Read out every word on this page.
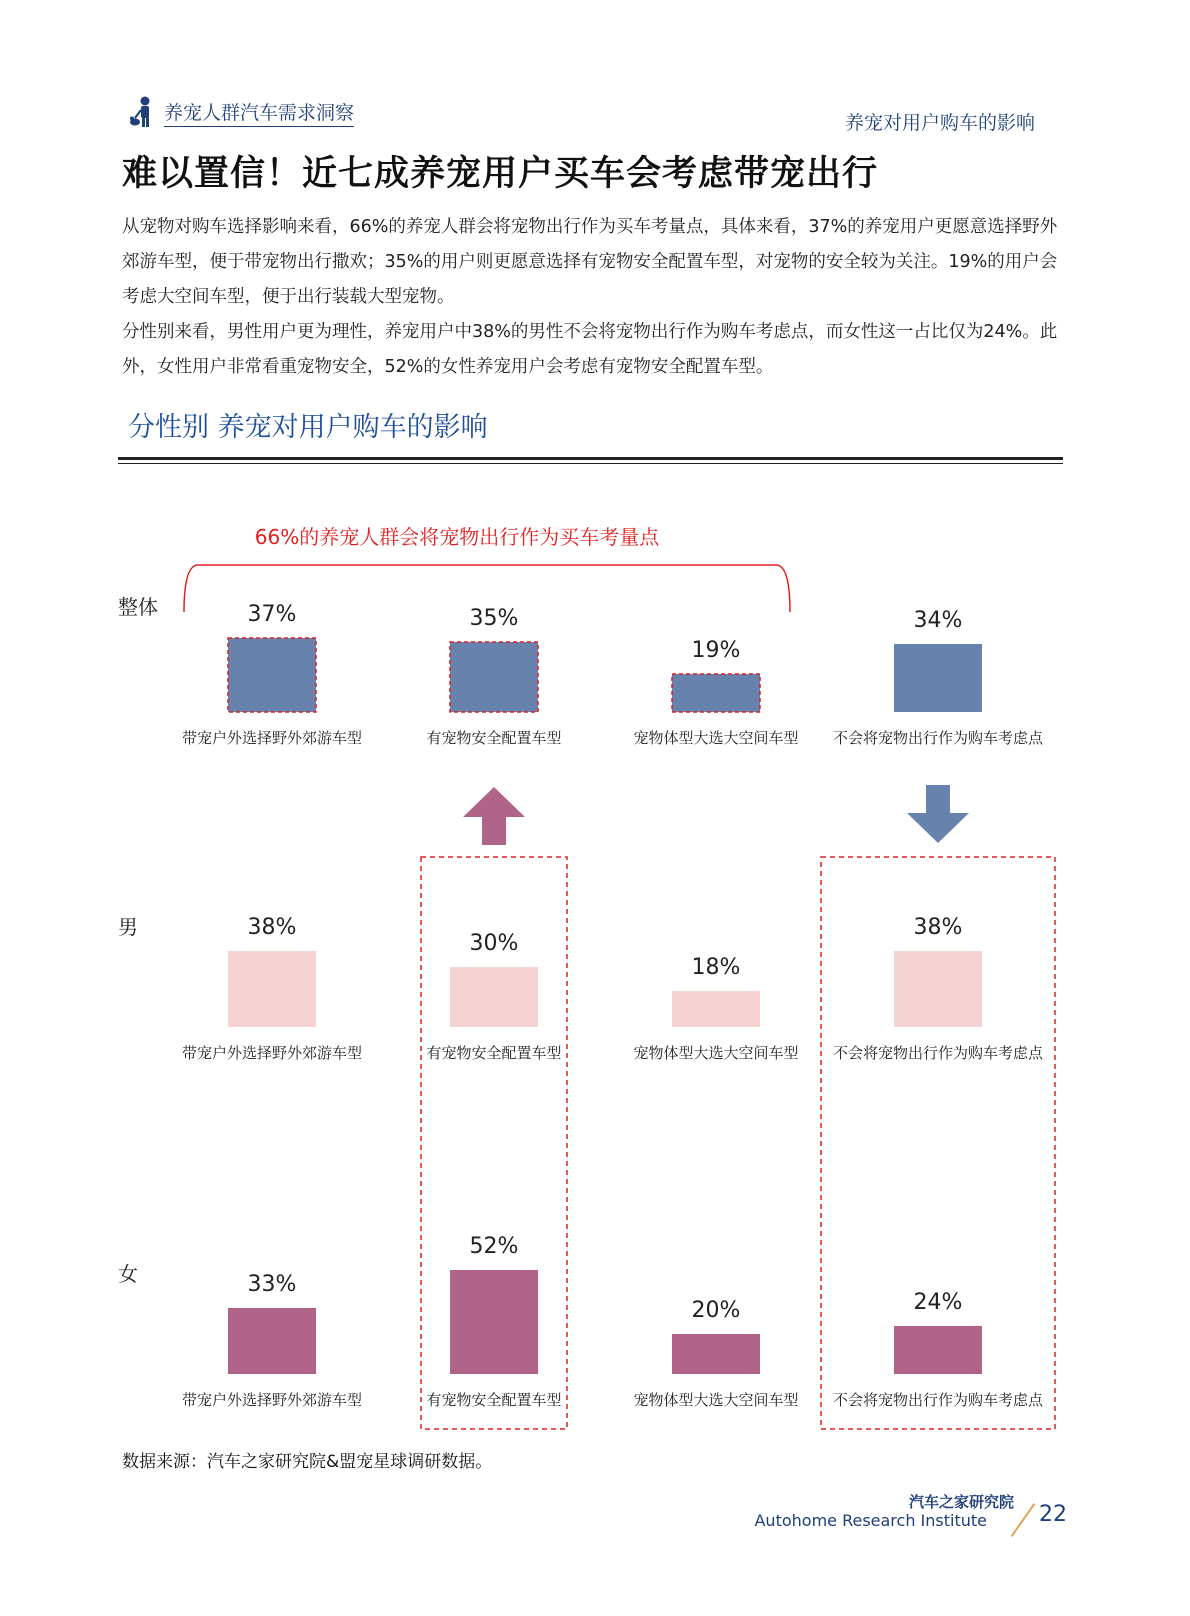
养宠人群汽车需求洞察	养宠对用户购车的影响
难以置信！近七成养宠用户买车会考虑带宠出行

从宠物对购车选择影响来看，66%的养宠人群会将宠物出行作为买车考量点，具体来看，37%的养宠用户更愿意选择野外郊游车型，便于带宠物出行撒欢；35%的用户则更愿意选择有宠物安全配置车型，对宠物的安全较为关注。19%的用户会考虑大空间车型，便于出行装载大型宠物。

分性别来看，男性用户更为理性，养宠用户中38%的男性不会将宠物出行作为购车考虑点，而女性这一占比仅为24%。此外，女性用户非常看重宠物安全，52%的女性养宠用户会考虑有宠物安全配置车型。

分性别 养宠对用户购车的影响
整体	37%
带宠户外选择野外郊游车型
35%
有宠物安全配置车型
19%
宠物体型大选大空间车型
34%
不会将宠物出行作为购车考虑点
男	38%
带宠户外选择野外郊游车型
30%
有宠物安全配置车型
18%
宠物体型大选大空间车型
38%
不会将宠物出行作为购车考虑点
女	33%
带宠户外选择野外郊游车型
52%
有宠物安全配置车型
20%
宠物体型大选大空间车型
24%
不会将宠物出行作为购车考虑点
66%的养宠人群会将宠物出行作为买车考量点
数据来源：汽车之家研究院&盟宠星球调研数据。
汽车之家研究院
Autohome Research Institute 22
